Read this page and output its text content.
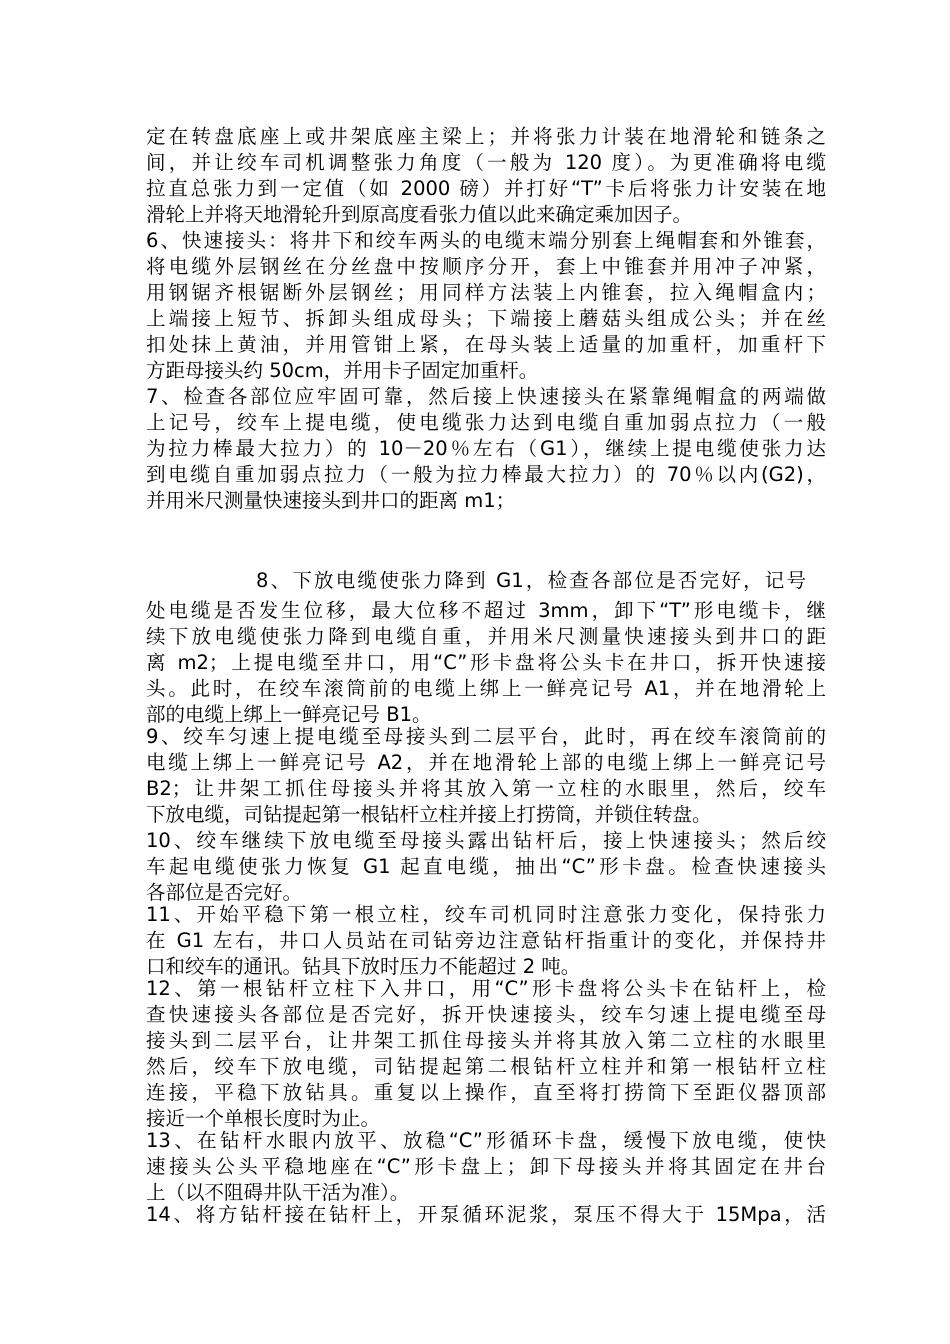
定在转盘底座上或井架底座主梁上；并将张力计装在地滑轮和链条之
间，并让绞车司机调整张力角度（一般为 120 度）。为更准确将电缆
拉直总张力到一定值（如 2000 磅）并打好“T”卡后将张力计安装在地
滑轮上并将天地滑轮升到原高度看张力值以此来确定乘加因子。
6、快速接头：将井下和绞车两头的电缆末端分别套上绳帽套和外锥套，
将电缆外层钢丝在分丝盘中按顺序分开，套上中锥套并用冲子冲紧，
用钢锯齐根锯断外层钢丝；用同样方法装上内锥套，拉入绳帽盒内；
上端接上短节、拆卸头组成母头；下端接上蘑菇头组成公头；并在丝
扣处抹上黄油，并用管钳上紧，在母头装上适量的加重杆，加重杆下
方距母接头约 50cm，并用卡子固定加重杆。
7、检查各部位应牢固可靠，然后接上快速接头在紧靠绳帽盒的两端做
上记号，绞车上提电缆，使电缆张力达到电缆自重加弱点拉力（一般
为拉力棒最大拉力）的 10－20％左右（G1），继续上提电缆使张力达
到电缆自重加弱点拉力（一般为拉力棒最大拉力）的 70％以内(G2)，
并用米尺测量快速接头到井口的距离 m1；
8、下放电缆使张力降到 G1，检查各部位是否完好，记号
处电缆是否发生位移，最大位移不超过 3mm，卸下“T”形电缆卡，继
续下放电缆使张力降到电缆自重，并用米尺测量快速接头到井口的距
离 m2；上提电缆至井口，用“C”形卡盘将公头卡在井口，拆开快速接
头。此时，在绞车滚筒前的电缆上绑上一鲜亮记号 A1，并在地滑轮上
部的电缆上绑上一鲜亮记号 B1。
9、绞车匀速上提电缆至母接头到二层平台，此时，再在绞车滚筒前的
电缆上绑上一鲜亮记号 A2，并在地滑轮上部的电缆上绑上一鲜亮记号
B2；让井架工抓住母接头并将其放入第一立柱的水眼里，然后，绞车
下放电缆，司钻提起第一根钻杆立柱并接上打捞筒，并锁住转盘。
10、绞车继续下放电缆至母接头露出钻杆后，接上快速接头；然后绞
车起电缆使张力恢复 G1 起直电缆，抽出“C”形卡盘。检查快速接头
各部位是否完好。
11、开始平稳下第一根立柱，绞车司机同时注意张力变化，保持张力
在 G1 左右，井口人员站在司钻旁边注意钻杆指重计的变化，并保持井
口和绞车的通讯。钻具下放时压力不能超过 2 吨。
12、第一根钻杆立柱下入井口，用“C”形卡盘将公头卡在钻杆上，检
查快速接头各部位是否完好，拆开快速接头，绞车匀速上提电缆至母
接头到二层平台，让井架工抓住母接头并将其放入第二立柱的水眼里
然后，绞车下放电缆，司钻提起第二根钻杆立柱并和第一根钻杆立柱
连接，平稳下放钻具。重复以上操作，直至将打捞筒下至距仪器顶部
接近一个单根长度时为止。
13、在钻杆水眼内放平、放稳“C”形循环卡盘，缓慢下放电缆，使快
速接头公头平稳地座在“C”形卡盘上；卸下母接头并将其固定在井台
上（以不阻碍井队干活为准）。
14、将方钻杆接在钻杆上，开泵循环泥浆，泵压不得大于 15Mpa，活
